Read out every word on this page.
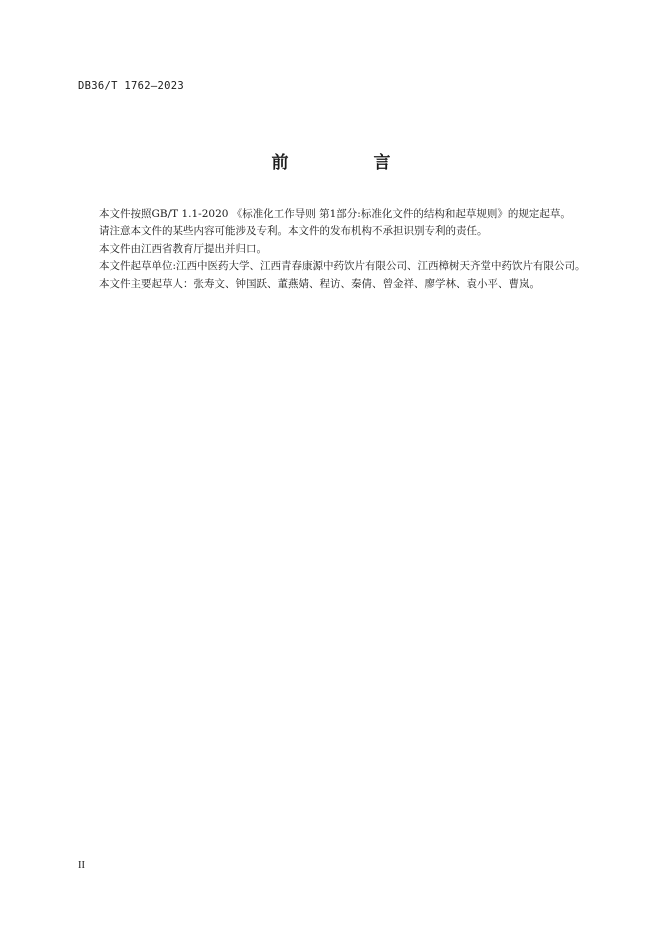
DB36/T 1762—2023
前　言

本文件按照GB/T 1.1-2020 《标准化工作导则 第1部分:标准化文件的结构和起草规则》的规定起草。

请注意本文件的某些内容可能涉及专利。本文件的发布机构不承担识别专利的责任。

本文件由江西省教育厅提出并归口。

本文件起草单位:江西中医药大学、江西青春康源中药饮片有限公司、江西樟树天齐堂中药饮片有限公司。

本文件主要起草人：张寿文、钟国跃、董燕婧、程访、秦倩、曾金祥、廖学林、袁小平、曹岚。

II
